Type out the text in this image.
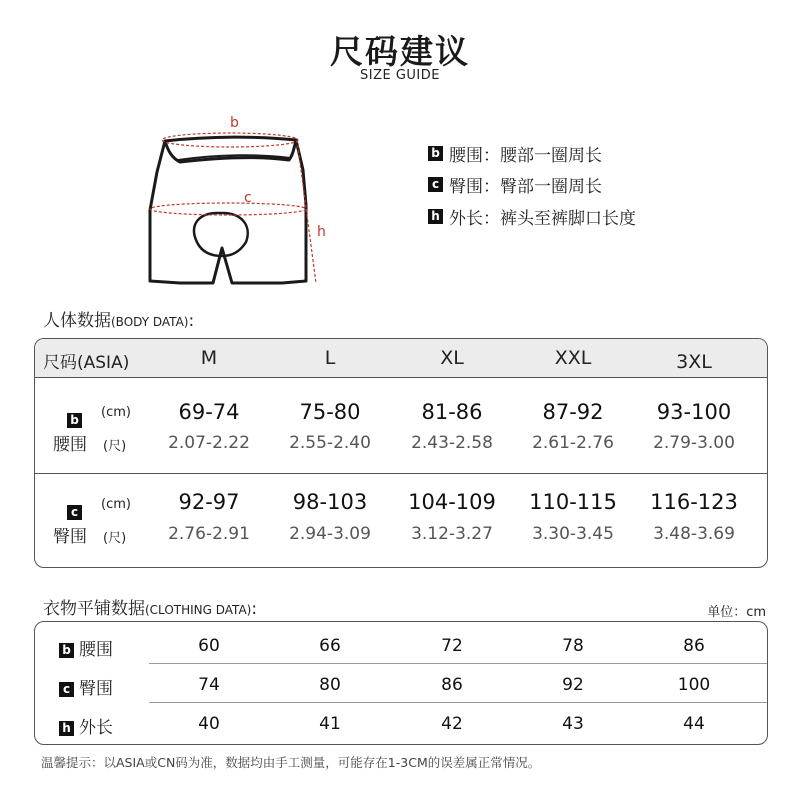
尺码建议
SIZE GUIDE
b
c
h
b 腰围：腰部一圈周长
c 臀围：臀部一圈周长
h 外长：裤头至裤脚口长度
人体数据(BODY DATA):
尺码(ASIA)	M	L	XL	XXL	3XL
b
腰围
(cm)
(尺)
69-74	75-80	81-86	87-92	93-100
2.07-2.22	2.55-2.40	2.43-2.58	2.61-2.76	2.79-3.00
c
臀围
(cm)
(尺)
92-97	98-103	104-109	110-115	116-123
2.76-2.91	2.94-3.09	3.12-3.27	3.30-3.45	3.48-3.69
衣物平铺数据(CLOTHING DATA):	单位：cm
b 腰围	60	66	72	78	86
c 臀围	74	80	86	92	100
h 外长	40	41	42	43	44
温馨提示：以ASIA或CN码为准，数据均由手工测量，可能存在1-3CM的误差属正常情况。
